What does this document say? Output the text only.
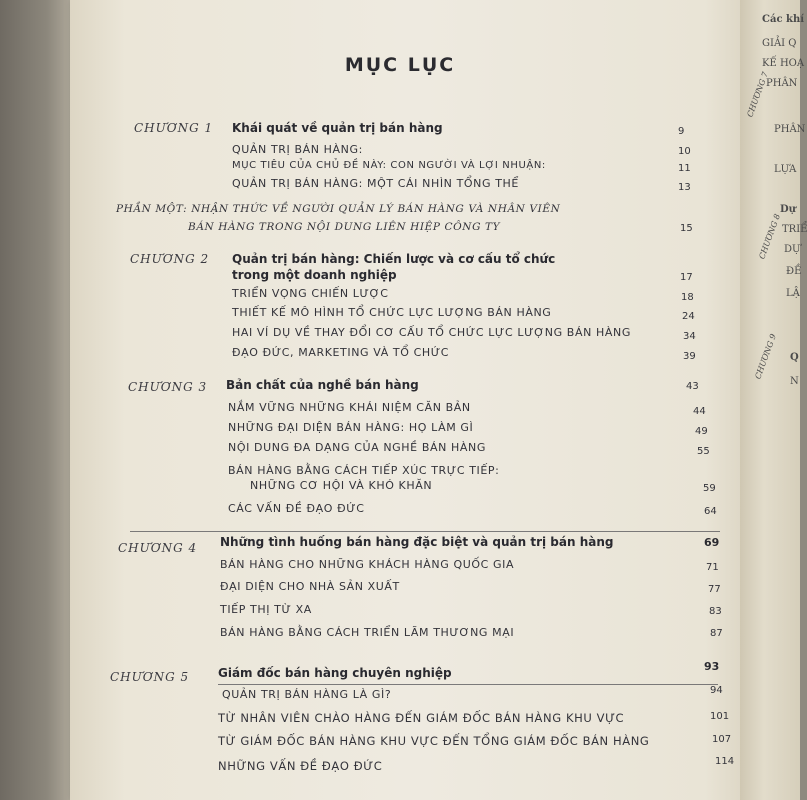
Các khí
GIẢI Q
KẾ HOẠ
PHÂN
PHÂN
LỰA
Dự
TRIỂ
DỰ
ĐỀ
LẬ
Q
N
CHƯƠNG 7
CHƯƠNG 8
CHƯƠNG 9
MỤC LỤC
CHƯƠNG 1 Khái quát về quản trị bán hàng	9
QUẢN TRỊ BÁN HÀNG:	10
MỤC TIÊU CỦA CHỦ ĐỀ NÀY: CON NGƯỜI VÀ LỢI NHUẬN:	11
QUẢN TRỊ BÁN HÀNG: MỘT CÁI NHÌN TỔNG THỂ	13
PHẦN MỘT: NHẬN THỨC VỀ NGƯỜI QUẢN LÝ BÁN HÀNG VÀ NHÂN VIÊN
BÁN HÀNG TRONG NỘI DUNG LIÊN HIỆP CÔNG TY	15
CHƯƠNG 2 Quản trị bán hàng: Chiến lược và cơ cấu tổ chức
trong một doanh nghiệp	17
TRIỂN VỌNG CHIẾN LƯỢC	18
THIẾT KẾ MÔ HÌNH TỔ CHỨC LỰC LƯỢNG BÁN HÀNG	24
HAI VÍ DỤ VỀ THAY ĐỔI CƠ CẤU TỔ CHỨC LỰC LƯỢNG BÁN HÀNG	34
ĐẠO ĐỨC, MARKETING VÀ TỔ CHỨC	39
CHƯƠNG 3 Bản chất của nghề bán hàng	43
NẮM VỮNG NHỮNG KHÁI NIỆM CĂN BẢN	44
NHỮNG ĐẠI DIỆN BÁN HÀNG: HỌ LÀM GÌ	49
NỘI DUNG ĐA DẠNG CỦA NGHỀ BÁN HÀNG	55
BÁN HÀNG BẰNG CÁCH TIẾP XÚC TRỰC TIẾP:
NHỮNG CƠ HỘI VÀ KHÓ KHĂN	59
CÁC VẤN ĐỀ ĐẠO ĐỨC	64
CHƯƠNG 4 Những tình huống bán hàng đặc biệt và quản trị bán hàng	69
BÁN HÀNG CHO NHỮNG KHÁCH HÀNG QUỐC GIA	71
ĐẠI DIỆN CHO NHÀ SẢN XUẤT	77
TIẾP THỊ TỪ XA	83
BÁN HÀNG BẰNG CÁCH TRIỂN LÃM THƯƠNG MẠI	87
CHƯƠNG 5 Giám đốc bán hàng chuyên nghiệp	93
QUẢN TRỊ BÁN HÀNG LÀ GÌ?	94
TỪ NHÂN VIÊN CHÀO HÀNG ĐẾN GIÁM ĐỐC BÁN HÀNG KHU VỰC	101
TỪ GIÁM ĐỐC BÁN HÀNG KHU VỰC ĐẾN TỔNG GIÁM ĐỐC BÁN HÀNG	107
NHỮNG VẤN ĐỀ ĐẠO ĐỨC	114
